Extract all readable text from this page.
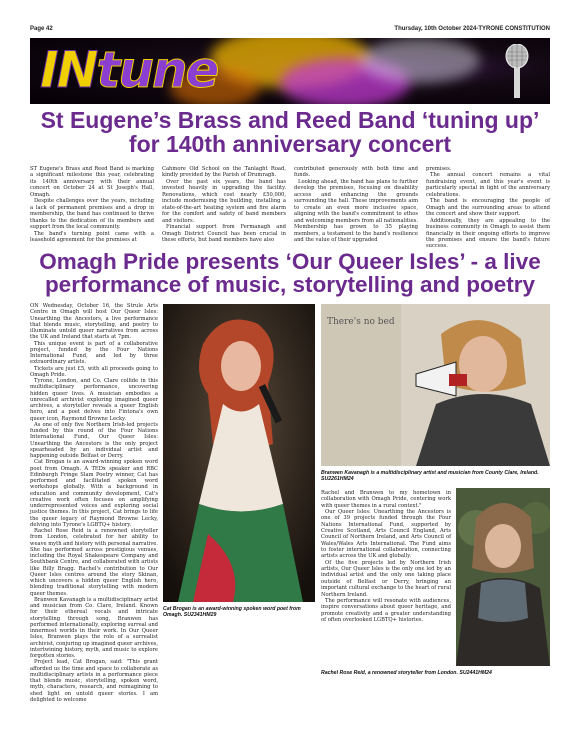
Page 42	Thursday, 10th October 2024-TYRONE CONSTITUTION
INtune
St Eugene’s Brass and Reed Band ‘tuning up’
for 140th anniversary concert

ST Eugene's Brass and Reed Band is marking a significant milestone this year, celebrating its 140th anniversary with their annual concert on October 24 at St Joseph's Hall, Omagh.

Despite challenges over the years, including a lack of permanent premises and a drop in membership, the band has continued to thrive thanks to the dedication of its members and support from the local community.

The band's turning point came with a leasehold agreement for the premises at

Cahmore Old School on the Tanlaght Road, kindly provided by the Parish of Drumragh.

Over the past six years, the band has invested heavily in upgrading the facility. Renovations, which cost nearly £50,000, include modernising the building, installing a state-of-the-art heating system and fire alarm for the comfort and safety of band members and visitors.

Financial support from Fermanagh and Omagh District Council has been crucial in these efforts, but band members have also

contributed generously with both time and funds.

Looking ahead, the band has plans to further develop the premises, focusing on disability access and enhancing the grounds surrounding the hall. These improvements aim to create an even more inclusive space, aligning with the band's commitment to ethos and welcoming members from all nationalities. Membership has grown to 35 playing members, a testament to the band's resilience and the value of their upgraded

premises.

The annual concert remains a vital fundraising event, and this year's event is particularly special in light of the anniversary celebrations.

The band is encouraging the people of Omagh and the surrounding areas to attend the concert and show their support.

Additionally, they are appealing to the business community in Omagh to assist them financially in their ongoing efforts to improve the premises and ensure the band's future success.

Omagh Pride presents ‘Our Queer Isles’ - a live
performance of music, storytelling and poetry

ON Wednesday, October 16, the Strule Arts Centre in Omagh will host Our Queer Isles: Unearthing the Ancestors, a live performance that blends music, storytelling, and poetry to illuminate untold queer narratives from across the UK and Ireland that starts at 7pm.

This unique event is part of a collaborative project, funded by the Four Nations International Fund, and led by three extraordinary artists.

Tickets are just £5, with all proceeds going to Omagh Pride.

Tyrone, London, and Co. Clare collide in this multidisciplinary performance, uncovering hidden queer lives. A musician embodies a unrecalled archivist exploring imagined queer archives, a storyteller reveals a queer English hero, and a poet delves into Fintona's own queer icon, Raymond Browne Lecky.

As one of only five Northern Irish-led projects funded by this round of the Four Nations International Fund, Our Queer Isles: Unearthing the Ancestors is the only project spearheaded by an individual artist and happening outside Belfast or Derry.

Cat Brogan is an award-winning spoken word poet from Omagh. A TEDx speaker and RBC Edinburgh Fringe Slam Poetry winner, Cat has performed and facilitated spoken word workshops globally. With a background in education and community development, Cat's creative work often focuses on amplifying underrepresented voices and exploring social justice themes. In this project, Cat brings to life the queer legacy of Raymond Browne Lecky, delving into Tyrone's LGBTQ+ history.

Rachel Rose Reid is a renowned storyteller from London, celebrated for her ability to weave myth and history with personal narrative. She has performed across prestigious venues, including the Royal Shakespeare Company and Southbank Centre, and collaborated with artists like Billy Bragg. Rachel's contribution to Our Queer Isles centres around the story Skinan, which uncovers a hidden queer English hero, blending traditional storytelling with modern queer themes.

Branwen Kavanagh is a multidisciplinary artist and musician from Co. Clare, Ireland. Known for their ethereal vocals and intricate storytelling through song, Branwen has performed internationally, exploring surreal and innermost worlds in their work. In Our Queer Isles, Branwen plays the role of a surrealist archivist, conjuring up imagined queer archives, intertwining history, myth, and music to explore forgotten stories.

Project lead, Cat Brogan, said: "This grant afforded us the time and space to collaborate as multidisciplinary artists in a performance piece that blends music, storytelling, spoken word, myth, characters, research, and reimagining to shed light on untold queer stories. I am delighted to welcome

Cat Brogan is an award-winning spoken word poet from Omagh. SU2341HM29
There's no bed
Branwen Kavanagh is a multidisciplinary artist and musician from County Clare, Ireland. SU2261HM24

Rachel and Branwen to my hometown in collaboration with Omagh Pride, centering work with queer themes in a rural context."

Our Queer Isles: Unearthing the Ancestors is one of 39 projects funded through the Four Nations International Fund, supported by Creative Scotland, Arts Council England, Arts Council of Northern Ireland, and Arts Council of Wales/Wales Arts International. The Fund aims to foster international collaboration, connecting artists across the UK and globally.

Of the five projects led by Northern Irish artists, Our Queer Isles is the only one led by an individual artist and the only one taking place outside of Belfast or Derry, bringing an important cultural exchange to the heart of rural Northern Ireland.

The performance will resonate with audiences, inspire conversations about queer heritage, and promote creativity and a greater understanding of often overlooked LGBTQ+ histories.

Rachel Rose Reid, a renowned storyteller from London. SU2441HM24
